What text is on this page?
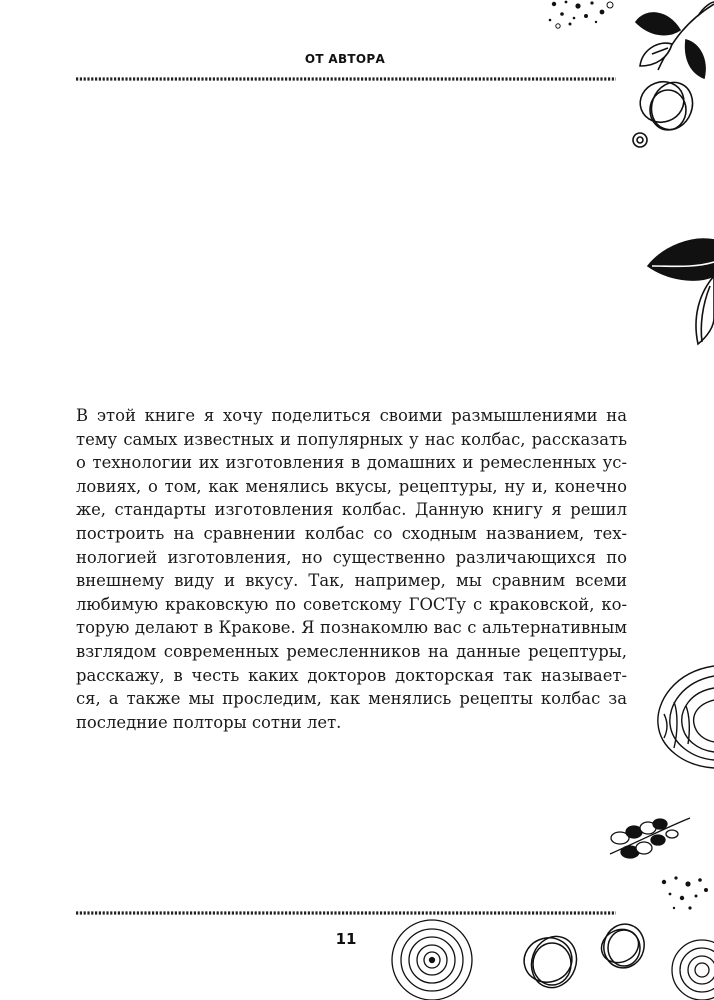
ОТ АВТОРА
В этой книге я хочу поделиться своими размышлениями на
тему самых известных и популярных у нас колбас, рассказать
о технологии их изготовления в домашних и ремесленных ус-
ловиях, о том, как менялись вкусы, рецептуры, ну и, конечно
же, стандарты изготовления колбас. Данную книгу я решил
построить на сравнении колбас со сходным названием, тех-
нологией изготовления, но существенно различающихся по
внешнему виду и вкусу. Так, например, мы сравним всеми
любимую краковскую по советскому ГОСТу с краковской, ко-
торую делают в Кракове. Я познакомлю вас с альтернативным
взглядом современных ремесленников на данные рецептуры,
расскажу, в честь каких докторов докторская так называет-
ся, а также мы проследим, как менялись рецепты колбас за
последние полторы сотни лет.
11
